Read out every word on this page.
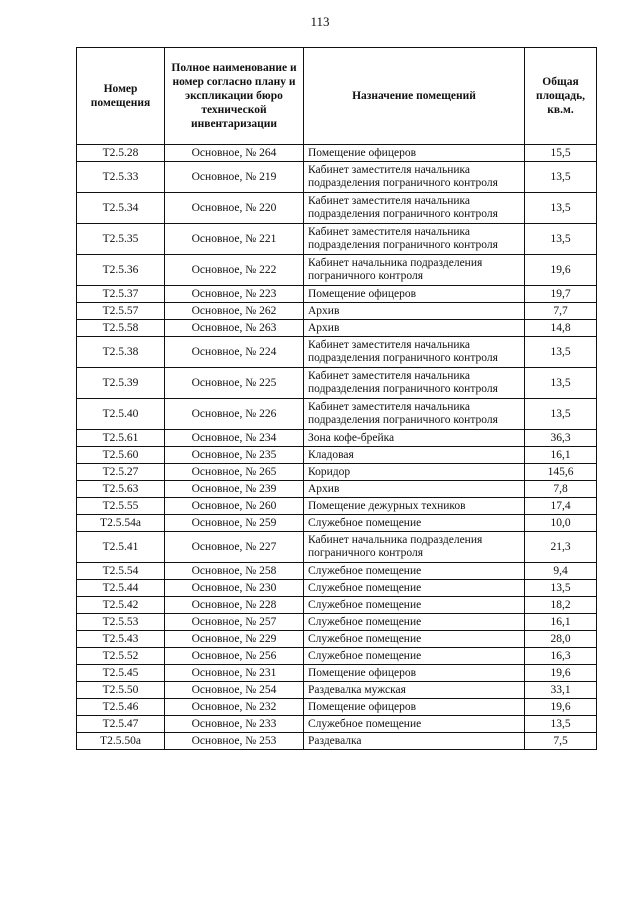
113
Номер помещения	Полное наименование и номер согласно плану и экспликации бюро технической инвентаризации	Назначение помещений	Общая площадь, кв.м.
Т2.5.28	Основное, № 264	Помещение офицеров	15,5
Т2.5.33	Основное, № 219	Кабинет заместителя начальника подразделения пограничного контроля	13,5
Т2.5.34	Основное, № 220	Кабинет заместителя начальника подразделения пограничного контроля	13,5
Т2.5.35	Основное, № 221	Кабинет заместителя начальника подразделения пограничного контроля	13,5
Т2.5.36	Основное, № 222	Кабинет начальника подразделения пограничного контроля	19,6
Т2.5.37	Основное, № 223	Помещение офицеров	19,7
Т2.5.57	Основное, № 262	Архив	7,7
Т2.5.58	Основное, № 263	Архив	14,8
Т2.5.38	Основное, № 224	Кабинет заместителя начальника подразделения пограничного контроля	13,5
Т2.5.39	Основное, № 225	Кабинет заместителя начальника подразделения пограничного контроля	13,5
Т2.5.40	Основное, № 226	Кабинет заместителя начальника подразделения пограничного контроля	13,5
Т2.5.61	Основное, № 234	Зона кофе-брейка	36,3
Т2.5.60	Основное, № 235	Кладовая	16,1
Т2.5.27	Основное, № 265	Коридор	145,6
Т2.5.63	Основное, № 239	Архив	7,8
Т2.5.55	Основное, № 260	Помещение дежурных техников	17,4
Т2.5.54а	Основное, № 259	Служебное помещение	10,0
Т2.5.41	Основное, № 227	Кабинет начальника подразделения пограничного контроля	21,3
Т2.5.54	Основное, № 258	Служебное помещение	9,4
Т2.5.44	Основное, № 230	Служебное помещение	13,5
Т2.5.42	Основное, № 228	Служебное помещение	18,2
Т2.5.53	Основное, № 257	Служебное помещение	16,1
Т2.5.43	Основное, № 229	Служебное помещение	28,0
Т2.5.52	Основное, № 256	Служебное помещение	16,3
Т2.5.45	Основное, № 231	Помещение офицеров	19,6
Т2.5.50	Основное, № 254	Раздевалка мужская	33,1
Т2.5.46	Основное, № 232	Помещение офицеров	19,6
Т2.5.47	Основное, № 233	Служебное помещение	13,5
Т2.5.50а	Основное, № 253	Раздевалка	7,5
